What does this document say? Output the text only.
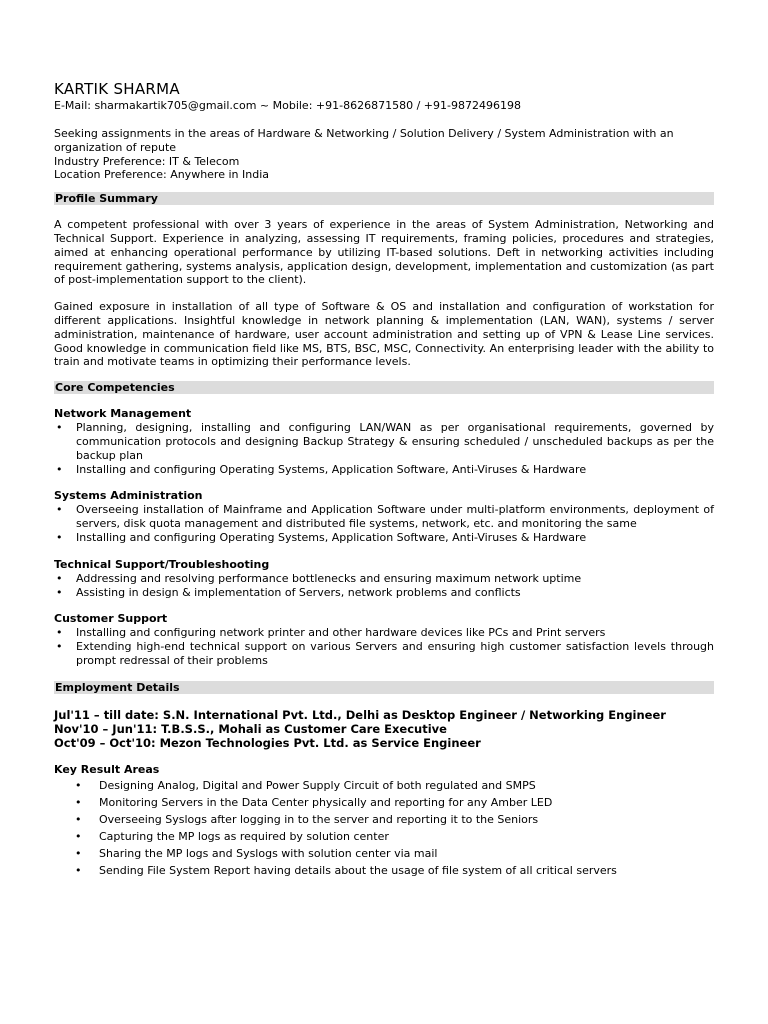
KARTIK SHARMA
E-Mail: sharmakartik705@gmail.com ~ Mobile: +91-8626871580 / +91-9872496198
Seeking assignments in the areas of Hardware & Networking / Solution Delivery / System Administration with an
organization of repute
Industry Preference: IT & Telecom
Location Preference: Anywhere in India
Profile Summary

A competent professional with over 3 years of experience in the areas of System Administration, Networking and Technical Support. Experience in analyzing, assessing IT requirements, framing policies, procedures and strategies, aimed at enhancing operational performance by utilizing IT-based solutions. Deft in networking activities including requirement gathering, systems analysis, application design, development, implementation and customization (as part of post-implementation support to the client).

Gained exposure in installation of all type of Software & OS and installation and configuration of workstation for different applications. Insightful knowledge in network planning & implementation (LAN, WAN), systems / server administration, maintenance of hardware, user account administration and setting up of VPN & Lease Line services. Good knowledge in communication field like MS, BTS, BSC, MSC, Connectivity. An enterprising leader with the ability to train and motivate teams in optimizing their performance levels.

Core Competencies
Network Management
• Planning, designing, installing and configuring LAN/WAN as per organisational requirements, governed by communication protocols and designing Backup Strategy & ensuring scheduled / unscheduled backups as per the backup plan
• Installing and configuring Operating Systems, Application Software, Anti-Viruses & Hardware
Systems Administration
• Overseeing installation of Mainframe and Application Software under multi-platform environments, deployment of servers, disk quota management and distributed file systems, network, etc. and monitoring the same
• Installing and configuring Operating Systems, Application Software, Anti-Viruses & Hardware
Technical Support/Troubleshooting
• Addressing and resolving performance bottlenecks and ensuring maximum network uptime
• Assisting in design & implementation of Servers, network problems and conflicts
Customer Support
• Installing and configuring network printer and other hardware devices like PCs and Print servers
• Extending high-end technical support on various Servers and ensuring high customer satisfaction levels through prompt redressal of their problems
Employment Details
Jul'11 – till date: S.N. International Pvt. Ltd., Delhi as Desktop Engineer / Networking Engineer
Nov'10 – Jun'11: T.B.S.S., Mohali as Customer Care Executive
Oct'09 – Oct'10: Mezon Technologies Pvt. Ltd. as Service Engineer
Key Result Areas
• Designing Analog, Digital and Power Supply Circuit of both regulated and SMPS
• Monitoring Servers in the Data Center physically and reporting for any Amber LED
• Overseeing Syslogs after logging in to the server and reporting it to the Seniors
• Capturing the MP logs as required by solution center
• Sharing the MP logs and Syslogs with solution center via mail
• Sending File System Report having details about the usage of file system of all critical servers
